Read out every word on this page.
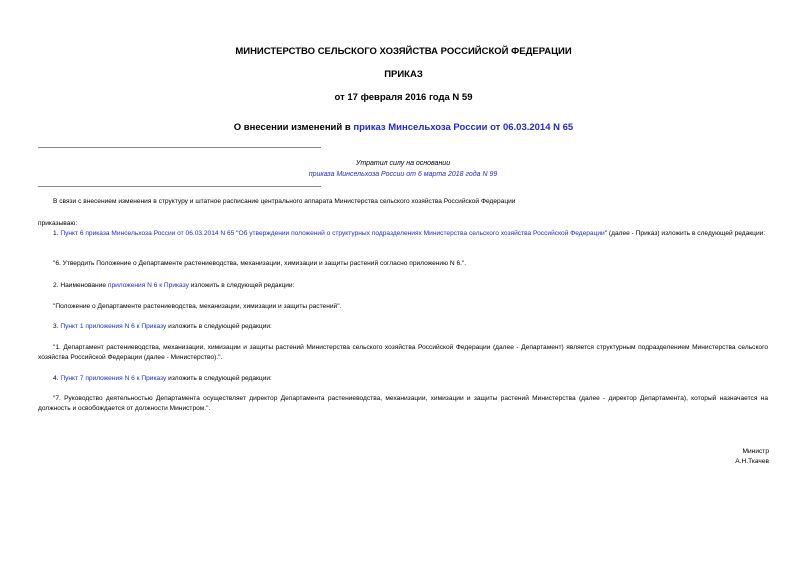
МИНИСТЕРСТВО СЕЛЬСКОГО ХОЗЯЙСТВА РОССИЙСКОЙ ФЕДЕРАЦИИ
ПРИКАЗ
от 17 февраля 2016 года N 59
О внесении изменений в приказ Минсельхоза России от 06.03.2014 N 65
Утратил силу на основании
приказа Минсельхоза России от 6 марта 2018 года N 99
В связи с внесением изменения в структуру и штатное расписание центрального аппарата Министерства сельского хозяйства Российской Федерации
приказываю:
1. Пункт 6 приказа Минсельхоза России от 06.03.2014 N 65 "Об утверждении положений о структурных подразделениях Министерства сельского хозяйства Российской Федерации" (далее - Приказ) изложить в следующей редакции:
"6. Утвердить Положение о Департаменте растениеводства, механизации, химизации и защиты растений согласно приложению N 6.".
2. Наименование приложения N 6 к Приказу изложить в следующей редакции:
"Положение о Департаменте растениеводства, механизации, химизации и защиты растений".
3. Пункт 1 приложения N 6 к Приказу изложить в следующей редакции:
"1. Департамент растениеводства, механизации, химизации и защиты растений Министерства сельского хозяйства Российской Федерации (далее - Департамент) является структурным подразделением Министерства сельского хозяйства Российской Федерации (далее - Министерство).".
4. Пункт 7 приложения N 6 к Приказу изложить в следующей редакции:
"7. Руководство деятельностью Департамента осуществляет директор Департамента растениеводства, механизации, химизации и защиты растений Министерства (далее - директор Департамента), который назначается на должность и освобождается от должности Министром.".
Министр
А.Н.Ткачев
